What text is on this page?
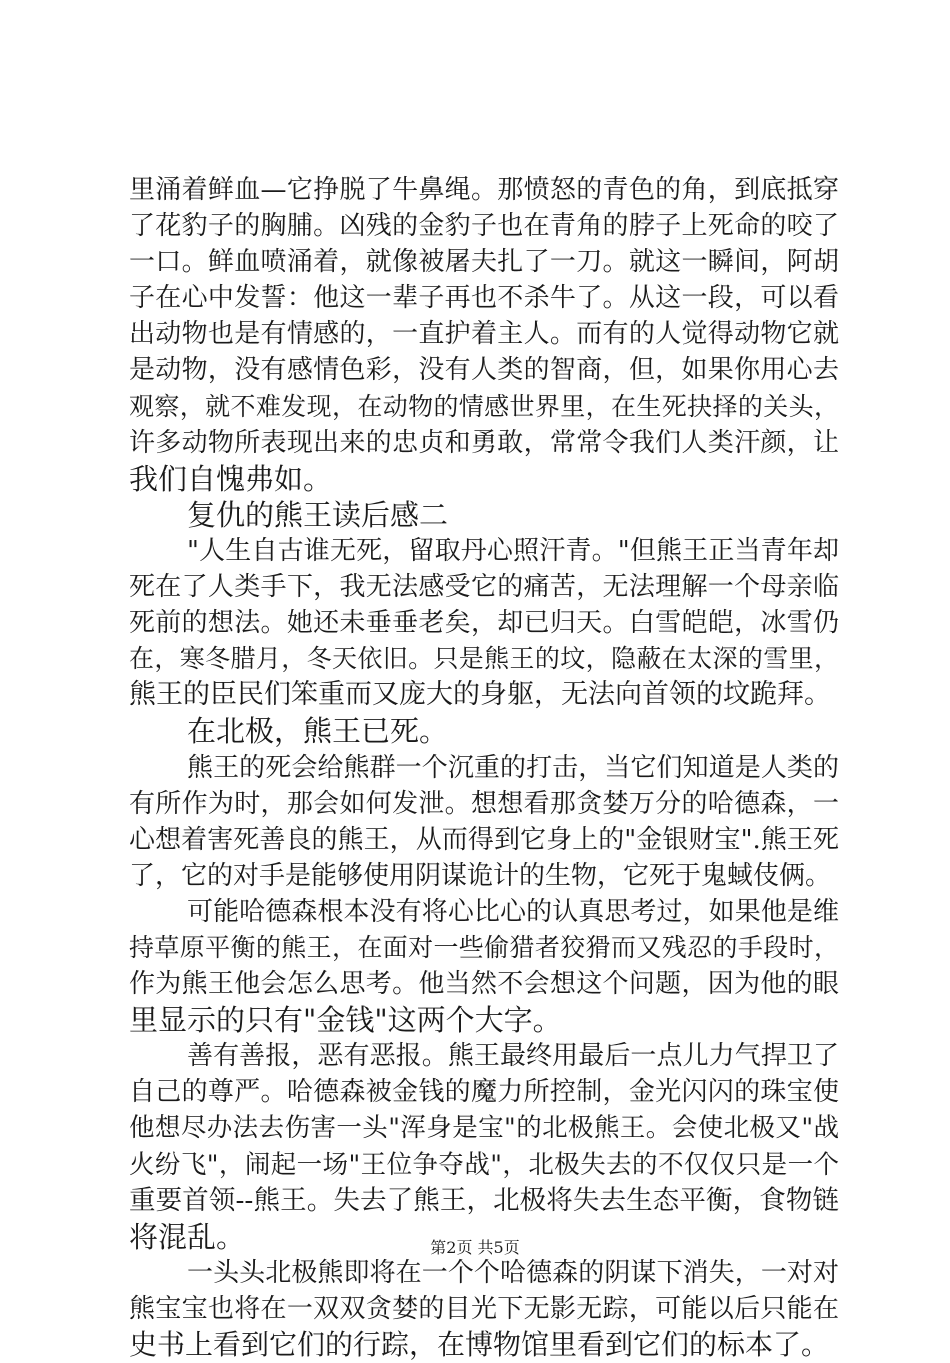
里涌着鲜血—它挣脱了牛鼻绳。那愤怒的青色的角，到底抵穿

了花豹子的胸脯。凶残的金豹子也在青角的脖子上死命的咬了

一口。鲜血喷涌着，就像被屠夫扎了一刀。就这一瞬间，阿胡

子在心中发誓：他这一辈子再也不杀牛了。从这一段，可以看

出动物也是有情感的，一直护着主人。而有的人觉得动物它就

是动物，没有感情色彩，没有人类的智商，但，如果你用心去

观察，就不难发现，在动物的情感世界里，在生死抉择的关头，

许多动物所表现出来的忠贞和勇敢，常常令我们人类汗颜，让

我们自愧弗如。

复仇的熊王读后感二

"人生自古谁无死，留取丹心照汗青。"但熊王正当青年却

死在了人类手下，我无法感受它的痛苦，无法理解一个母亲临

死前的想法。她还未垂垂老矣，却已归天。白雪皑皑，冰雪仍

在，寒冬腊月，冬天依旧。只是熊王的坟，隐蔽在太深的雪里，

熊王的臣民们笨重而又庞大的身躯，无法向首领的坟跪拜。

在北极，熊王已死。

熊王的死会给熊群一个沉重的打击，当它们知道是人类的

有所作为时，那会如何发泄。想想看那贪婪万分的哈德森，一

心想着害死善良的熊王，从而得到它身上的"金银财宝".熊王死

了，它的对手是能够使用阴谋诡计的生物，它死于鬼蜮伎俩。

可能哈德森根本没有将心比心的认真思考过，如果他是维

持草原平衡的熊王，在面对一些偷猎者狡猾而又残忍的手段时，

作为熊王他会怎么思考。他当然不会想这个问题，因为他的眼

里显示的只有"金钱"这两个大字。

善有善报，恶有恶报。熊王最终用最后一点儿力气捍卫了

自己的尊严。哈德森被金钱的魔力所控制，金光闪闪的珠宝使

他想尽办法去伤害一头"浑身是宝"的北极熊王。会使北极又"战

火纷飞"，闹起一场"王位争夺战"，北极失去的不仅仅只是一个

重要首领--熊王。失去了熊王，北极将失去生态平衡，食物链

将混乱。

一头头北极熊即将在一个个哈德森的阴谋下消失，一对对

熊宝宝也将在一双双贪婪的目光下无影无踪，可能以后只能在

史书上看到它们的行踪，在博物馆里看到它们的标本了。

第2页 共5页
